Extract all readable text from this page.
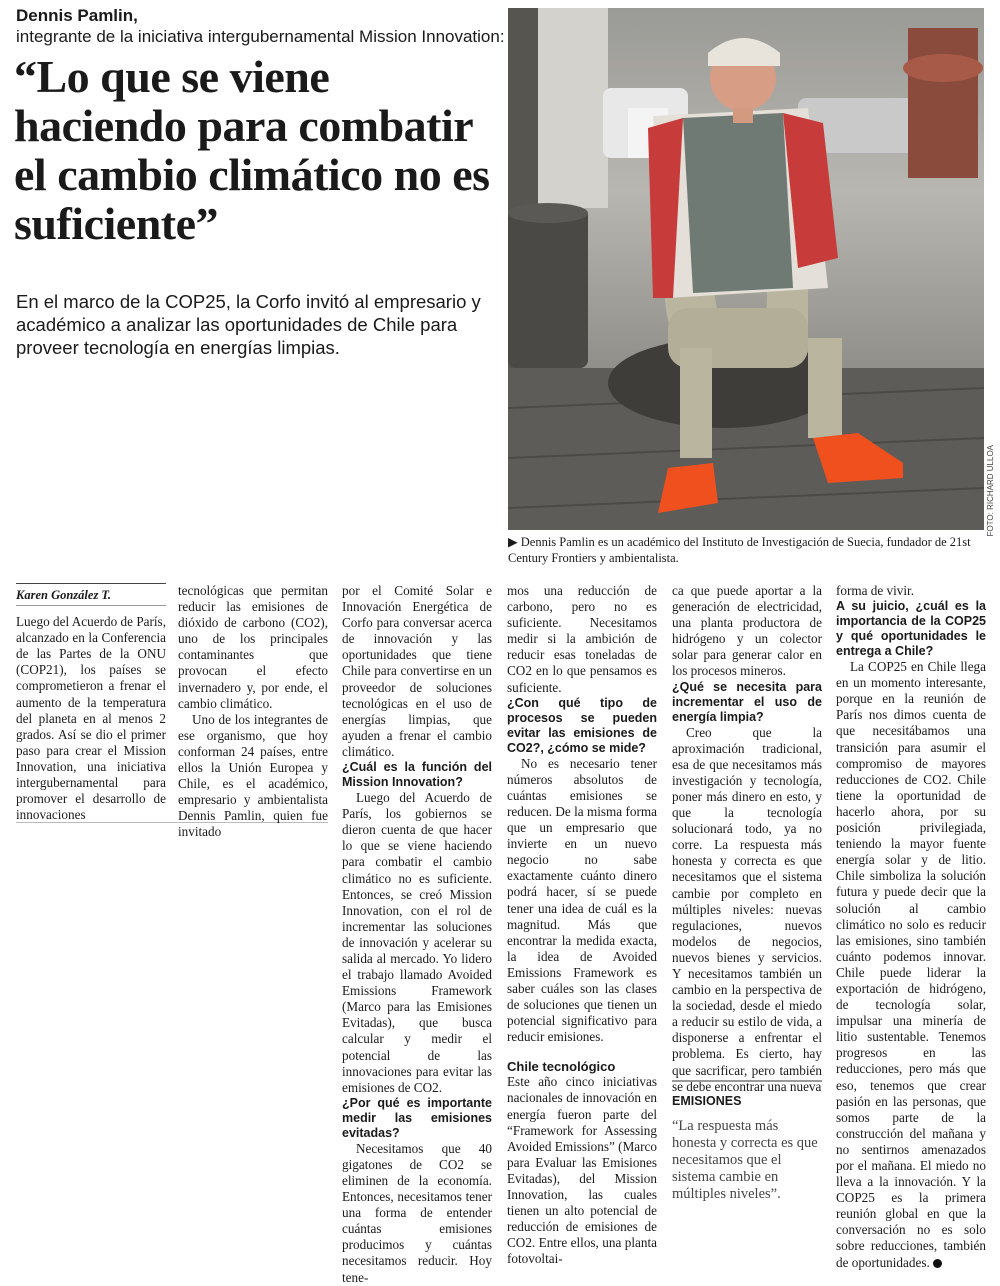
Dennis Pamlin,
integrante de la iniciativa intergubernamental Mission Innovation:
“Lo que se viene haciendo para combatir el cambio climático no es suficiente”

En el marco de la COP25, la Corfo invitó al empresario y académico a analizar las oportunidades de Chile para proveer tecnología en energías limpias.

FOTO: RICHARD ULLOA
▶ Dennis Pamlin es un académico del Instituto de Investigación de Suecia, fundador de 21st Century Frontiers y ambientalista.
Karen González T.

Luego del Acuerdo de París, alcanzado en la Conferencia de las Partes de la ONU (COP21), los países se comprometieron a frenar el aumento de la temperatura del planeta en al menos 2 grados. Así se dio el primer paso para crear el Mission Innovation, una iniciativa intergubernamental para promover el desarrollo de innovaciones

tecnológicas que permitan reducir las emisiones de dióxido de carbono (CO2), uno de los principales contaminantes que provocan el efecto invernadero y, por ende, el cambio climático.

Uno de los integrantes de ese organismo, que hoy conforman 24 países, entre ellos la Unión Europea y Chile, es el académico, empresario y ambientalista Dennis Pamlin, quien fue invitado

por el Comité Solar e Innovación Energética de Corfo para conversar acerca de innovación y las oportunidades que tiene Chile para convertirse en un proveedor de soluciones tecnológicas en el uso de energías limpias, que ayuden a frenar el cambio climático.

¿Cuál es la función del Mission Innovation?

Luego del Acuerdo de París, los gobiernos se dieron cuenta de que hacer lo que se viene haciendo para combatir el cambio climático no es suficiente. Entonces, se creó Mission Innovation, con el rol de incrementar las soluciones de innovación y acelerar su salida al mercado. Yo lidero el trabajo llamado Avoided Emissions Framework (Marco para las Emisiones Evitadas), que busca calcular y medir el potencial de las innovaciones para evitar las emisiones de CO2.

¿Por qué es importante medir las emisiones evitadas?

Necesitamos que 40 gigatones de CO2 se eliminen de la economía. Entonces, necesitamos tener una forma de entender cuántas emisiones producimos y cuántas necesitamos reducir. Hoy tene-

mos una reducción de carbono, pero no es suficiente. Necesitamos medir si la ambición de reducir esas toneladas de CO2 en lo que pensamos es suficiente.

¿Con qué tipo de procesos se pueden evitar las emisiones de CO2?, ¿cómo se mide?

No es necesario tener números absolutos de cuántas emisiones se reducen. De la misma forma que un empresario que invierte en un nuevo negocio no sabe exactamente cuánto dinero podrá hacer, sí se puede tener una idea de cuál es la magnitud. Más que encontrar la medida exacta, la idea de Avoided Emissions Framework es saber cuáles son las clases de soluciones que tienen un potencial significativo para reducir emisiones.

Chile tecnológico

Este año cinco iniciativas nacionales de innovación en energía fueron parte del “Framework for Assessing Avoided Emissions” (Marco para Evaluar las Emisiones Evitadas), del Mission Innovation, las cuales tienen un alto potencial de reducción de emisiones de CO2. Entre ellos, una planta fotovoltai-

ca que puede aportar a la generación de electricidad, una planta productora de hidrógeno y un colector solar para generar calor en los procesos mineros.

¿Qué se necesita para incrementar el uso de energía limpia?

Creo que la aproximación tradicional, esa de que necesitamos más investigación y tecnología, poner más dinero en esto, y que la tecnología solucionará todo, ya no corre. La respuesta más honesta y correcta es que necesitamos que el sistema cambie por completo en múltiples niveles: nuevas regulaciones, nuevos modelos de negocios, nuevos bienes y servicios. Y necesitamos también un cambio en la perspectiva de la sociedad, desde el miedo a reducir su estilo de vida, a disponerse a enfrentar el problema. Es cierto, hay que sacrificar, pero también se debe encontrar una nueva

EMISIONES
“La respuesta más honesta y correcta es que necesitamos que el sistema cambie en múltiples niveles”.

forma de vivir.

A su juicio, ¿cuál es la importancia de la COP25 y qué oportunidades le entrega a Chile?

La COP25 en Chile llega en un momento interesante, porque en la reunión de París nos dimos cuenta de que necesitábamos una transición para asumir el compromiso de mayores reducciones de CO2. Chile tiene la oportunidad de hacerlo ahora, por su posición privilegiada, teniendo la mayor fuente energía solar y de litio. Chile simboliza la solución futura y puede decir que la solución al cambio climático no solo es reducir las emisiones, sino también cuánto podemos innovar. Chile puede liderar la exportación de hidrógeno, de tecnología solar, impulsar una minería de litio sustentable. Tenemos progresos en las reducciones, pero más que eso, tenemos que crear pasión en las personas, que somos parte de la construcción del mañana y no sentirnos amenazados por el mañana. El miedo no lleva a la innovación. Y la COP25 es la primera reunión global en que la conversación no es solo sobre reducciones, también de oportunidades.
